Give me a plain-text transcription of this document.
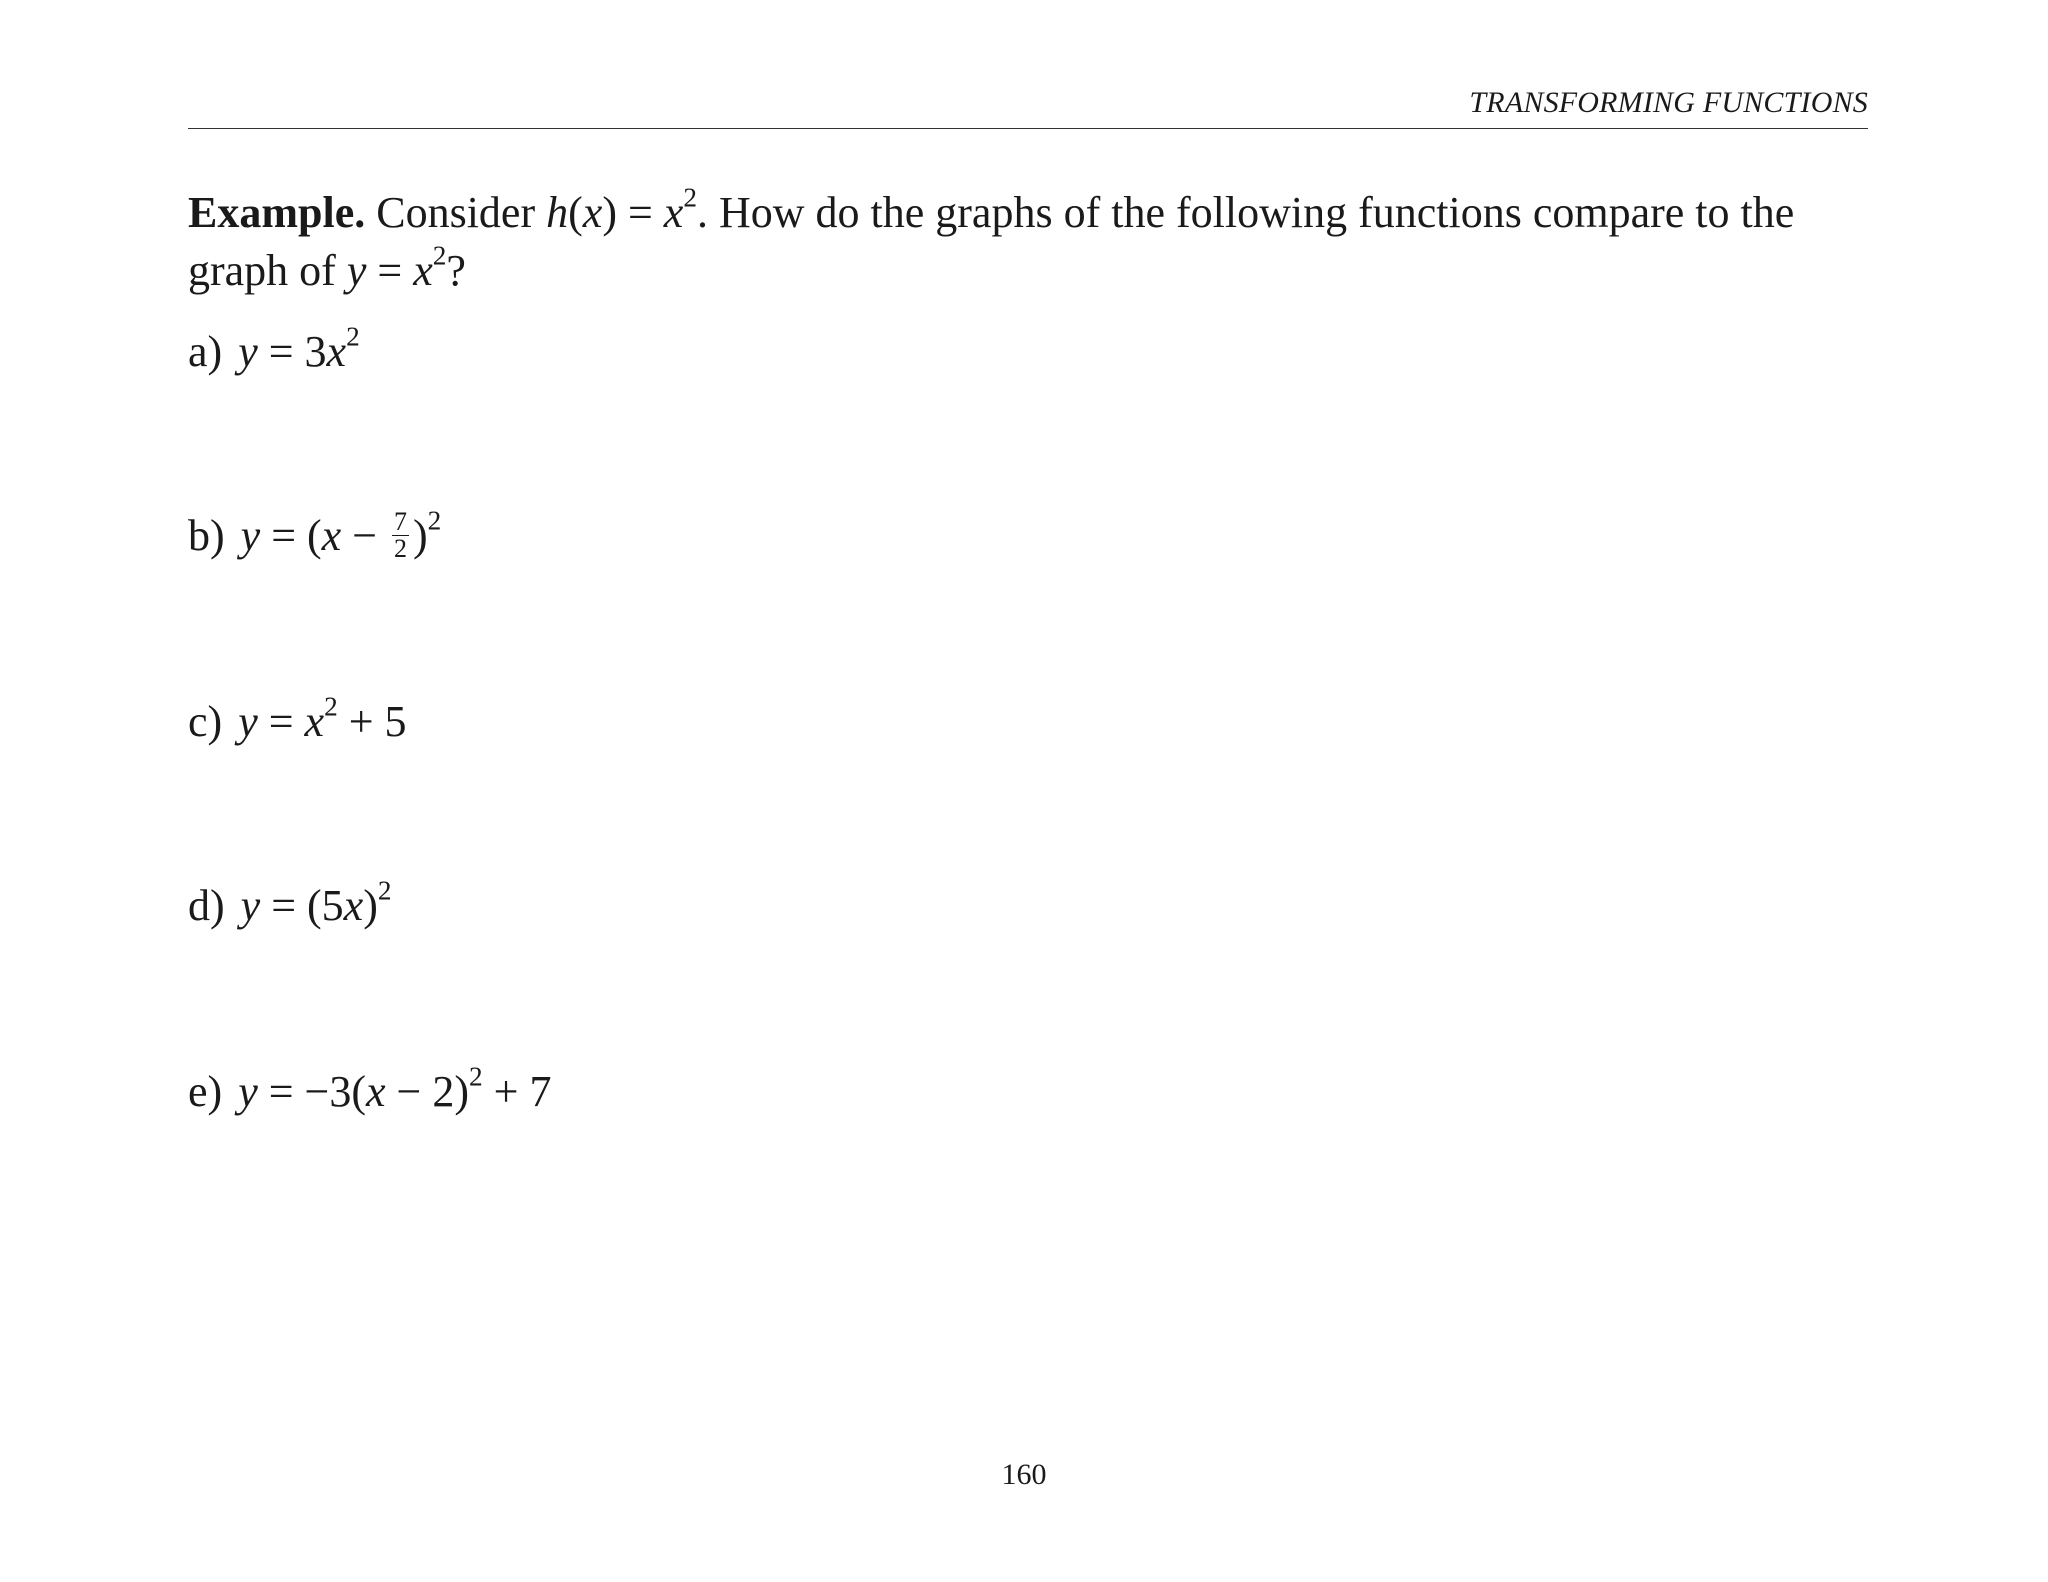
TRANSFORMING FUNCTIONS
Example. Consider $h(x) = x^2$. How do the graphs of the following functions compare to the graph of $y = x^2$?
a) $y = 3x^2$
b) $y = (x - \frac{7}{2} )^2$
c) $y = x^2 + 5$
d) $y = (5x)^2$
e) $y = -3(x - 2)^2 + 7$
160
